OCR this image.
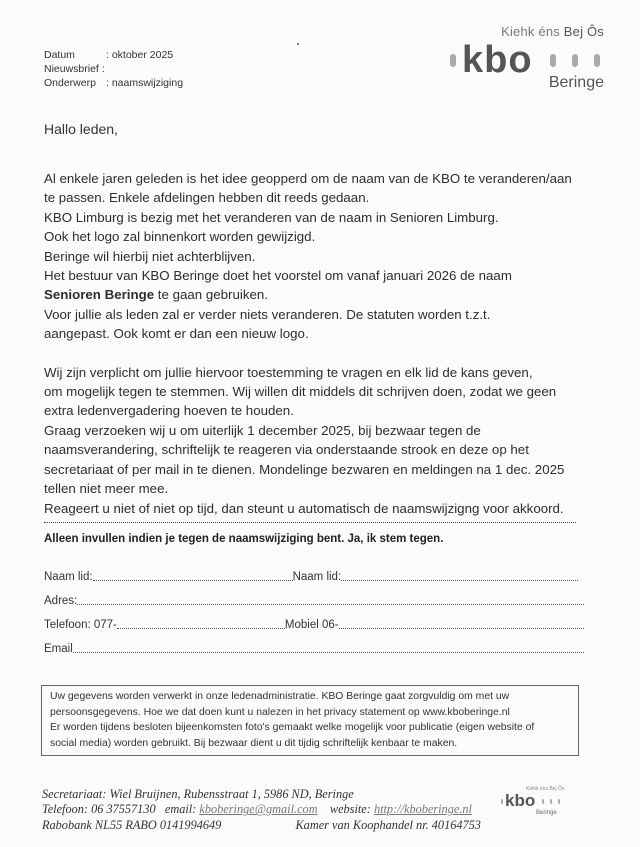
Datum	: oktober 2025
Nieuwsbrief :
Onderwerp : naamswijziging
Kiehk éns Bej Ôs
kbo
Beringe
Hallo leden,

Al enkele jaren geleden is het idee geopperd om de naam van de KBO te veranderen/aan

te passen. Enkele afdelingen hebben dit reeds gedaan.

KBO Limburg is bezig met het veranderen van de naam in Senioren Limburg.

Ook het logo zal binnenkort worden gewijzigd.

Beringe wil hierbij niet achterblijven.

Het bestuur van KBO Beringe doet het voorstel om vanaf januari 2026 de naam

Senioren Beringe te gaan gebruiken.

Voor jullie als leden zal er verder niets veranderen. De statuten worden t.z.t.

aangepast. Ook komt er dan een nieuw logo.

Wij zijn verplicht om jullie hiervoor toestemming te vragen en elk lid de kans geven,

om mogelijk tegen te stemmen. Wij willen dit middels dit schrijven doen, zodat we geen

extra ledenvergadering hoeven te houden.

Graag verzoeken wij u om uiterlijk 1 december 2025, bij bezwaar tegen de

naamsverandering, schriftelijk te reageren via onderstaande strook en deze op het

secretariaat of per mail in te dienen. Mondelinge bezwaren en meldingen na 1 dec. 2025

tellen niet meer mee.

Reageert u niet of niet op tijd, dan steunt u automatisch de naamswijzigng voor akkoord.

Alleen invullen indien je tegen de naamswijziging bent. Ja, ik stem tegen.
Naam lid:	Naam lid:
Adres:
Telefoon: 077-	Mobiel 06-
Email
Uw gegevens worden verwerkt in onze ledenadministratie. KBO Beringe gaat zorgvuldig om met uw
persoonsgegevens. Hoe we dat doen kunt u nalezen in het privacy statement op www.kboberinge.nl
Er worden tijdens besloten bijeenkomsten foto's gemaakt welke mogelijk voor publicatie (eigen website of
social media) worden gebruikt. Bij bezwaar dient u dit tijdig schriftelijk kenbaar te maken.
Secretariaat: Wiel Bruijnen, Rubensstraat 1, 5986 ND, Beringe
Telefoon: 06 37557130 email: kboberinge@gmail.com website: http://kboberinge.nl
Rabobank NL55 RABO 0141994649	Kamer van Koophandel nr. 40164753
Kiehk éns Bej Ôs
kbo
Beringe
